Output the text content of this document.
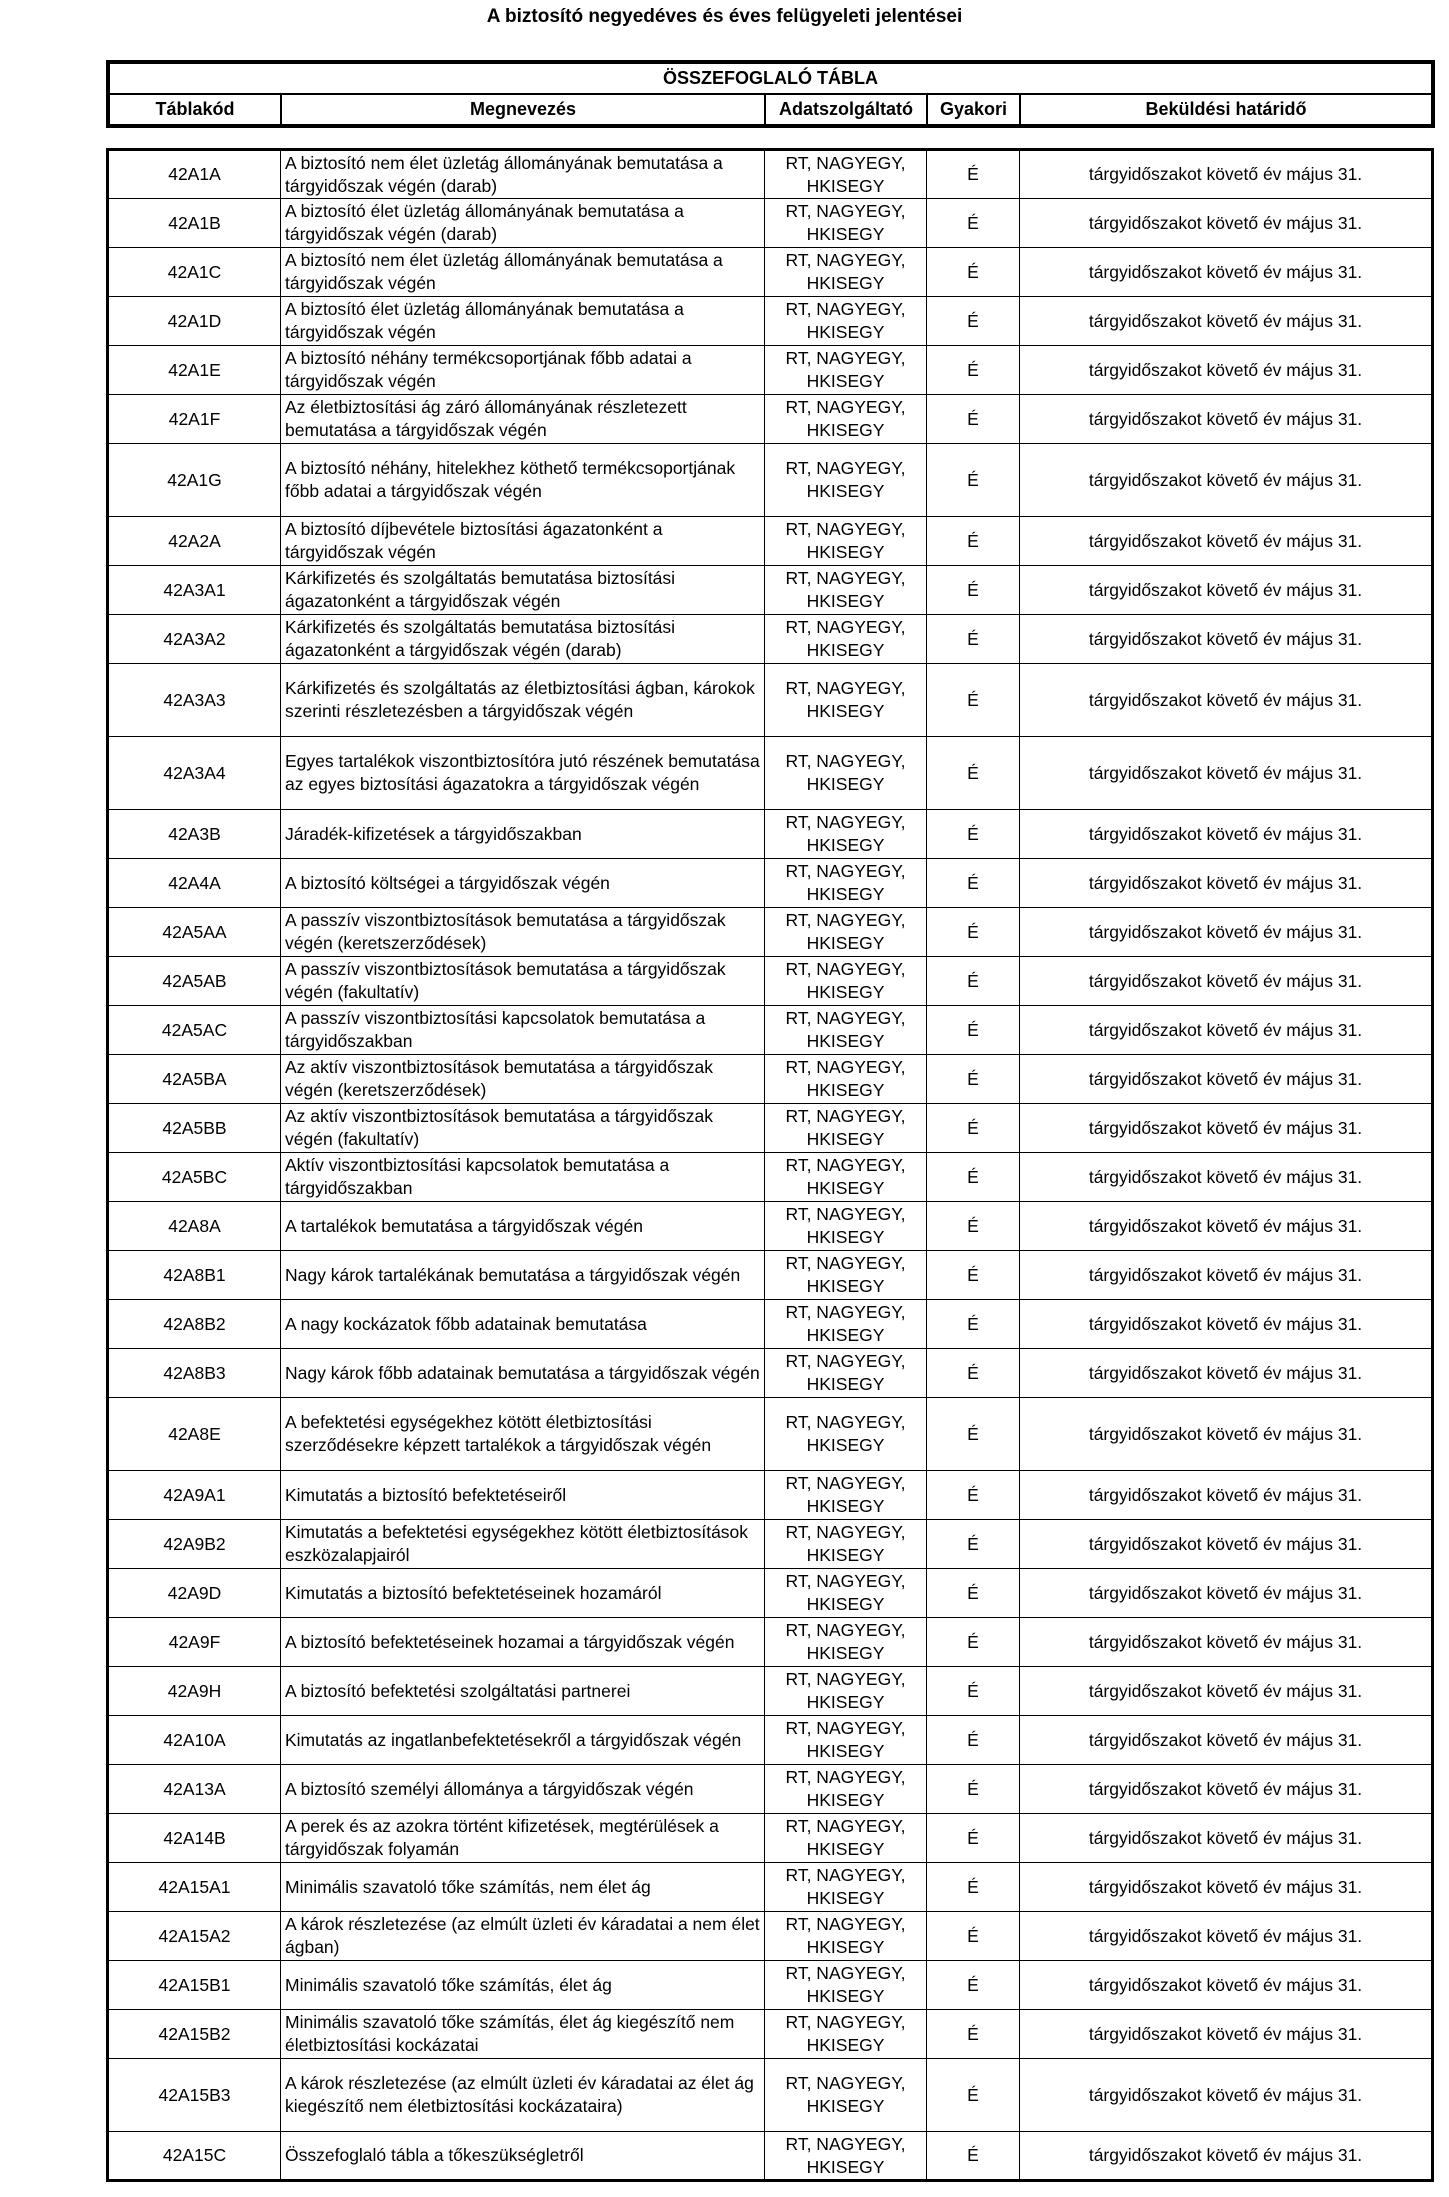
A biztosító negyedéves és éves felügyeleti jelentései
ÖSSZEFOGLALÓ TÁBLA
Táblakód	Megnevezés	Adatszolgáltató	Gyakori	Beküldési határidő
42A1A	A biztosító nem élet üzletág állományának bemutatása a tárgyidőszak végén (darab)	RT, NAGYEGY, HKISEGY	É	tárgyidőszakot követő év május 31.
42A1B	A biztosító élet üzletág állományának bemutatása a tárgyidőszak végén (darab)	RT, NAGYEGY, HKISEGY	É	tárgyidőszakot követő év május 31.
42A1C	A biztosító nem élet üzletág állományának bemutatása a tárgyidőszak végén	RT, NAGYEGY, HKISEGY	É	tárgyidőszakot követő év május 31.
42A1D	A biztosító élet üzletág állományának bemutatása a tárgyidőszak végén	RT, NAGYEGY, HKISEGY	É	tárgyidőszakot követő év május 31.
42A1E	A biztosító néhány termékcsoportjának főbb adatai a tárgyidőszak végén	RT, NAGYEGY, HKISEGY	É	tárgyidőszakot követő év május 31.
42A1F	Az életbiztosítási ág záró állományának részletezett bemutatása a tárgyidőszak végén	RT, NAGYEGY, HKISEGY	É	tárgyidőszakot követő év május 31.
42A1G	A biztosító néhány, hitelekhez köthető termékcsoportjának főbb adatai a tárgyidőszak végén	RT, NAGYEGY, HKISEGY	É	tárgyidőszakot követő év május 31.
42A2A	A biztosító díjbevétele biztosítási ágazatonként a tárgyidőszak végén	RT, NAGYEGY, HKISEGY	É	tárgyidőszakot követő év május 31.
42A3A1	Kárkifizetés és szolgáltatás bemutatása biztosítási ágazatonként a tárgyidőszak végén	RT, NAGYEGY, HKISEGY	É	tárgyidőszakot követő év május 31.
42A3A2	Kárkifizetés és szolgáltatás bemutatása biztosítási ágazatonként a tárgyidőszak végén (darab)	RT, NAGYEGY, HKISEGY	É	tárgyidőszakot követő év május 31.
42A3A3	Kárkifizetés és szolgáltatás az életbiztosítási ágban, károkok szerinti részletezésben a tárgyidőszak végén	RT, NAGYEGY, HKISEGY	É	tárgyidőszakot követő év május 31.
42A3A4	Egyes tartalékok viszontbiztosítóra jutó részének bemutatása az egyes biztosítási ágazatokra a tárgyidőszak végén	RT, NAGYEGY, HKISEGY	É	tárgyidőszakot követő év május 31.
42A3B	Járadék-kifizetések a tárgyidőszakban	RT, NAGYEGY, HKISEGY	É	tárgyidőszakot követő év május 31.
42A4A	A biztosító költségei a tárgyidőszak végén	RT, NAGYEGY, HKISEGY	É	tárgyidőszakot követő év május 31.
42A5AA	A passzív viszontbiztosítások bemutatása a tárgyidőszak végén (keretszerződések)	RT, NAGYEGY, HKISEGY	É	tárgyidőszakot követő év május 31.
42A5AB	A passzív viszontbiztosítások bemutatása a tárgyidőszak végén (fakultatív)	RT, NAGYEGY, HKISEGY	É	tárgyidőszakot követő év május 31.
42A5AC	A passzív viszontbiztosítási kapcsolatok bemutatása a tárgyidőszakban	RT, NAGYEGY, HKISEGY	É	tárgyidőszakot követő év május 31.
42A5BA	Az aktív viszontbiztosítások bemutatása a tárgyidőszak végén (keretszerződések)	RT, NAGYEGY, HKISEGY	É	tárgyidőszakot követő év május 31.
42A5BB	Az aktív viszontbiztosítások bemutatása a tárgyidőszak végén (fakultatív)	RT, NAGYEGY, HKISEGY	É	tárgyidőszakot követő év május 31.
42A5BC	Aktív viszontbiztosítási kapcsolatok bemutatása a tárgyidőszakban	RT, NAGYEGY, HKISEGY	É	tárgyidőszakot követő év május 31.
42A8A	A tartalékok bemutatása a tárgyidőszak végén	RT, NAGYEGY, HKISEGY	É	tárgyidőszakot követő év május 31.
42A8B1	Nagy károk tartalékának bemutatása a tárgyidőszak végén	RT, NAGYEGY, HKISEGY	É	tárgyidőszakot követő év május 31.
42A8B2	A nagy kockázatok főbb adatainak bemutatása	RT, NAGYEGY, HKISEGY	É	tárgyidőszakot követő év május 31.
42A8B3	Nagy károk főbb adatainak bemutatása a tárgyidőszak végén	RT, NAGYEGY, HKISEGY	É	tárgyidőszakot követő év május 31.
42A8E	A befektetési egységekhez kötött életbiztosítási szerződésekre képzett tartalékok a tárgyidőszak végén	RT, NAGYEGY, HKISEGY	É	tárgyidőszakot követő év május 31.
42A9A1	Kimutatás a biztosító befektetéseiről	RT, NAGYEGY, HKISEGY	É	tárgyidőszakot követő év május 31.
42A9B2	Kimutatás a befektetési egységekhez kötött életbiztosítások eszközalapjairól	RT, NAGYEGY, HKISEGY	É	tárgyidőszakot követő év május 31.
42A9D	Kimutatás a biztosító befektetéseinek hozamáról	RT, NAGYEGY, HKISEGY	É	tárgyidőszakot követő év május 31.
42A9F	A biztosító befektetéseinek hozamai a tárgyidőszak végén	RT, NAGYEGY, HKISEGY	É	tárgyidőszakot követő év május 31.
42A9H	A biztosító befektetési szolgáltatási partnerei	RT, NAGYEGY, HKISEGY	É	tárgyidőszakot követő év május 31.
42A10A	Kimutatás az ingatlanbefektetésekről a tárgyidőszak végén	RT, NAGYEGY, HKISEGY	É	tárgyidőszakot követő év május 31.
42A13A	A biztosító személyi állománya a tárgyidőszak végén	RT, NAGYEGY, HKISEGY	É	tárgyidőszakot követő év május 31.
42A14B	A perek és az azokra történt kifizetések, megtérülések a tárgyidőszak folyamán	RT, NAGYEGY, HKISEGY	É	tárgyidőszakot követő év május 31.
42A15A1	Minimális szavatoló tőke számítás, nem élet ág	RT, NAGYEGY, HKISEGY	É	tárgyidőszakot követő év május 31.
42A15A2	A károk részletezése (az elmúlt üzleti év káradatai a nem élet ágban)	RT, NAGYEGY, HKISEGY	É	tárgyidőszakot követő év május 31.
42A15B1	Minimális szavatoló tőke számítás, élet ág	RT, NAGYEGY, HKISEGY	É	tárgyidőszakot követő év május 31.
42A15B2	Minimális szavatoló tőke számítás, élet ág kiegészítő nem életbiztosítási kockázatai	RT, NAGYEGY, HKISEGY	É	tárgyidőszakot követő év május 31.
42A15B3	A károk részletezése (az elmúlt üzleti év káradatai az élet ág kiegészítő nem életbiztosítási kockázataira)	RT, NAGYEGY, HKISEGY	É	tárgyidőszakot követő év május 31.
42A15C	Összefoglaló tábla a tőkeszükségletről	RT, NAGYEGY, HKISEGY	É	tárgyidőszakot követő év május 31.
